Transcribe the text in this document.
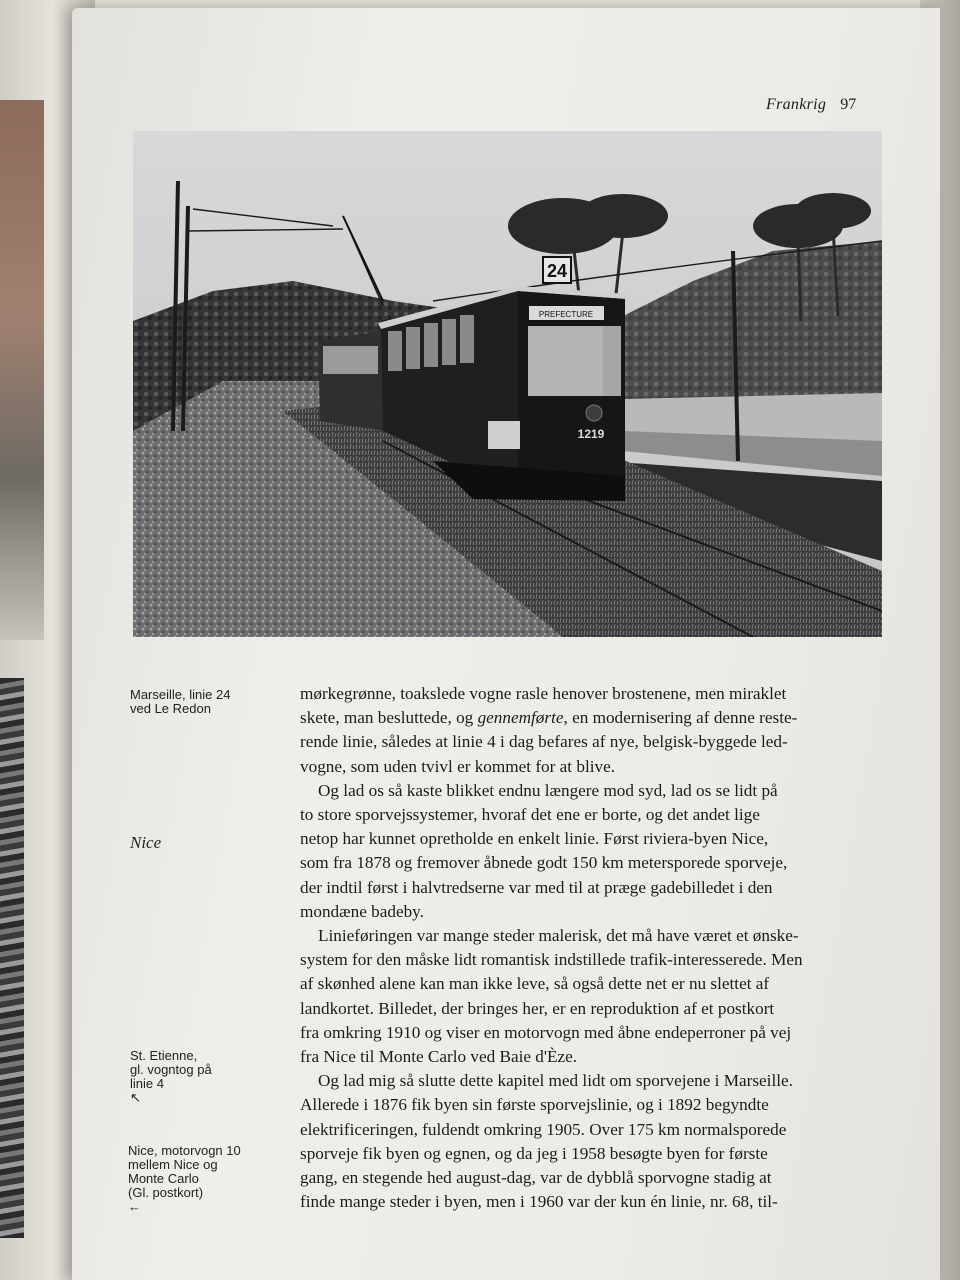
Frankrig 97
24
PREFECTURE
1219
Marseille, linie 24
ved Le Redon
Nice
St. Etienne,
gl. vogntog på
linie 4
↖
Nice, motorvogn 10
mellem Nice og
Monte Carlo
(Gl. postkort)
←

mørkegrønne, toakslede vogne rasle henover brostenene, men miraklet
skete, man besluttede, og gennemførte, en modernisering af denne reste-
rende linie, således at linie 4 i dag befares af nye, belgisk-byggede led-
vogne, som uden tvivl er kommet for at blive.

Og lad os så kaste blikket endnu længere mod syd, lad os se lidt på
to store sporvejssystemer, hvoraf det ene er borte, og det andet lige
netop har kunnet opretholde en enkelt linie. Først riviera-byen Nice,
som fra 1878 og fremover åbnede godt 150 km metersporede sporveje,
der indtil først i halvtredserne var med til at præge gadebilledet i den
mondæne badeby.

Linieføringen var mange steder malerisk, det må have været et ønske-
system for den måske lidt romantisk indstillede trafik-interesserede. Men
af skønhed alene kan man ikke leve, så også dette net er nu slettet af
landkortet. Billedet, der bringes her, er en reproduktion af et postkort
fra omkring 1910 og viser en motorvogn med åbne endeperroner på vej
fra Nice til Monte Carlo ved Baie d'Èze.

Og lad mig så slutte dette kapitel med lidt om sporvejene i Marseille.
Allerede i 1876 fik byen sin første sporvejslinie, og i 1892 begyndte
elektrificeringen, fuldendt omkring 1905. Over 175 km normalsporede
sporveje fik byen og egnen, og da jeg i 1958 besøgte byen for første
gang, en stegende hed august-dag, var de dybblå sporvogne stadig at
finde mange steder i byen, men i 1960 var der kun én linie, nr. 68, til-
